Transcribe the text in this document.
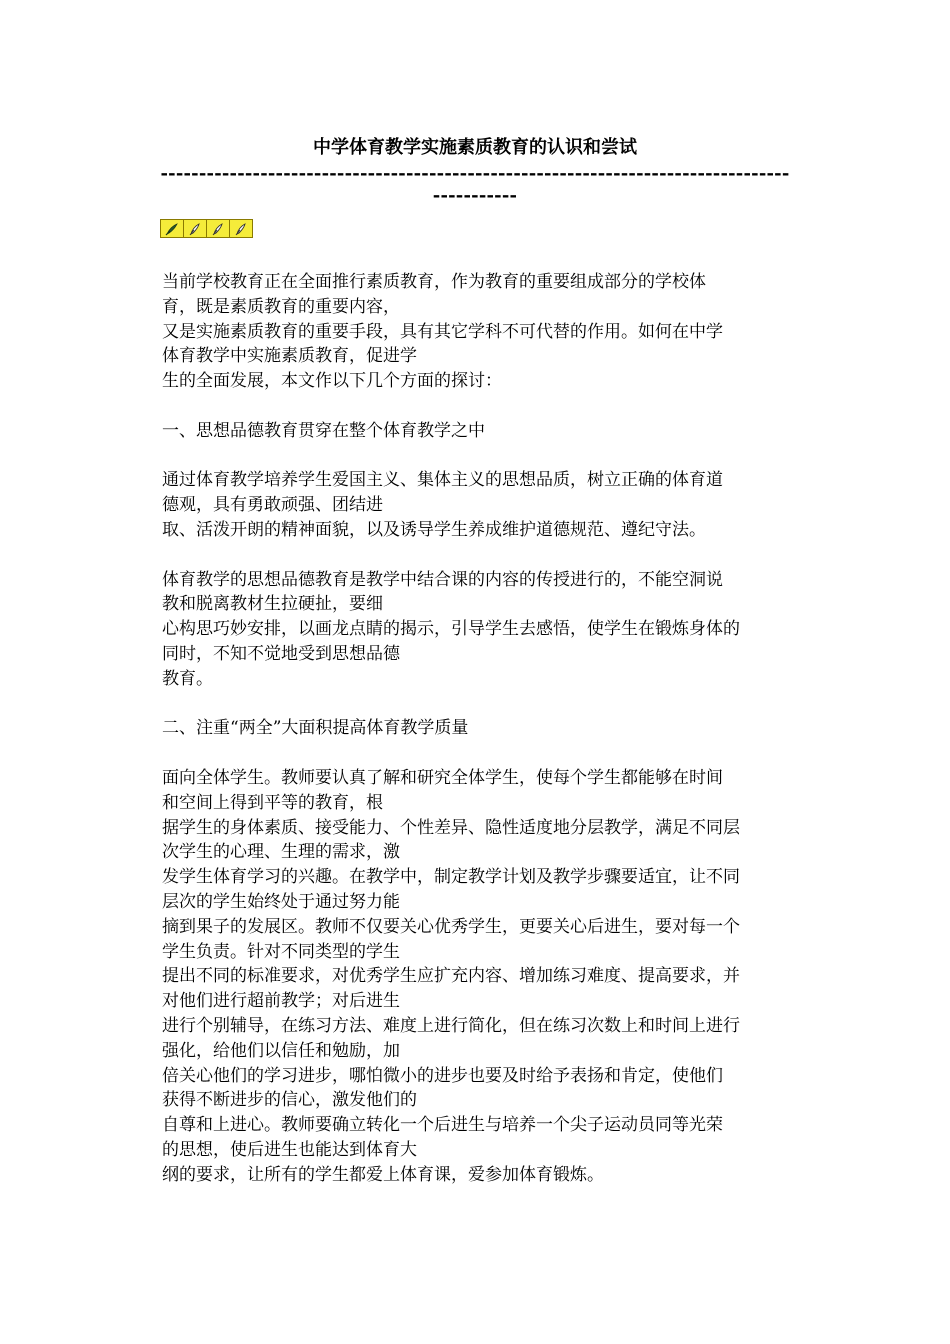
中学体育教学实施素质教育的认识和尝试
---------------------------------------------------------------------------------------------

当前学校教育正在全面推行素质教育，作为教育的重要组成部分的学校体
育，既是素质教育的重要内容，
又是实施素质教育的重要手段，具有其它学科不可代替的作用。如何在中学
体育教学中实施素质教育，促进学
生的全面发展，本文作以下几个方面的探讨：

一、思想品德教育贯穿在整个体育教学之中

通过体育教学培养学生爱国主义、集体主义的思想品质，树立正确的体育道
德观，具有勇敢顽强、团结进
取、活泼开朗的精神面貌，以及诱导学生养成维护道德规范、遵纪守法。

体育教学的思想品德教育是教学中结合课的内容的传授进行的，不能空洞说
教和脱离教材生拉硬扯，要细
心构思巧妙安排，以画龙点睛的揭示，引导学生去感悟，使学生在锻炼身体的
同时，不知不觉地受到思想品德
教育。

二、注重“两全”大面积提高体育教学质量

面向全体学生。教师要认真了解和研究全体学生，使每个学生都能够在时间
和空间上得到平等的教育，根
据学生的身体素质、接受能力、个性差异、隐性适度地分层教学，满足不同层
次学生的心理、生理的需求，激
发学生体育学习的兴趣。在教学中，制定教学计划及教学步骤要适宜，让不同
层次的学生始终处于通过努力能
摘到果子的发展区。教师不仅要关心优秀学生，更要关心后进生，要对每一个
学生负责。针对不同类型的学生
提出不同的标准要求，对优秀学生应扩充内容、增加练习难度、提高要求，并
对他们进行超前教学；对后进生
进行个别辅导，在练习方法、难度上进行简化，但在练习次数上和时间上进行
强化，给他们以信任和勉励，加
倍关心他们的学习进步，哪怕微小的进步也要及时给予表扬和肯定，使他们
获得不断进步的信心，激发他们的
自尊和上进心。教师要确立转化一个后进生与培养一个尖子运动员同等光荣
的思想，使后进生也能达到体育大
纲的要求，让所有的学生都爱上体育课，爱参加体育锻炼。
